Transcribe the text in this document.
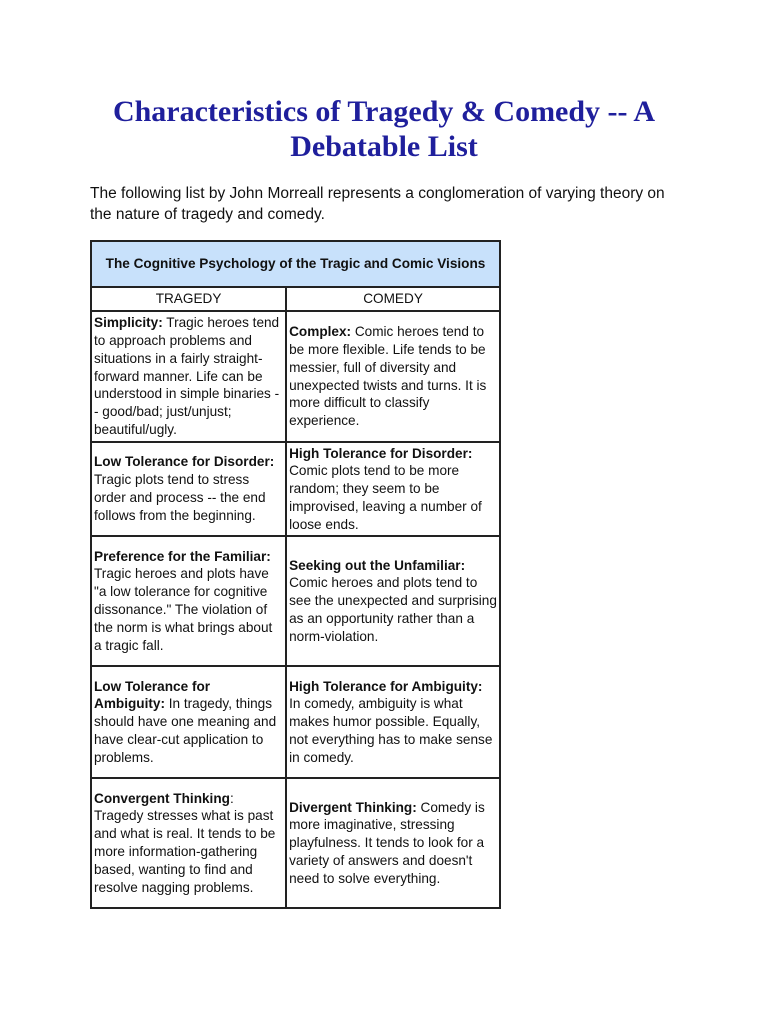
Characteristics of Tragedy & Comedy -- A Debatable List

The following list by John Morreall represents a conglomeration of varying theory on the nature of tragedy and comedy.

The Cognitive Psychology of the Tragic and Comic Visions	
TRAGEDY	COMEDY
Simplicity: Tragic heroes tend to approach problems and situations in a fairly straight-forward manner. Life can be understood in simple binaries -- good/bad; just/unjust; beautiful/ugly.	Complex: Comic heroes tend to be more flexible. Life tends to be messier, full of diversity and unexpected twists and turns. It is more difficult to classify experience.
Low Tolerance for Disorder: Tragic plots tend to stress order and process -- the end follows from the beginning.	High Tolerance for Disorder: Comic plots tend to be more random; they seem to be improvised, leaving a number of loose ends.
Preference for the Familiar: Tragic heroes and plots have "a low tolerance for cognitive dissonance." The violation of the norm is what brings about a tragic fall.	Seeking out the Unfamiliar: Comic heroes and plots tend to see the unexpected and surprising as an opportunity rather than a norm-violation.
Low Tolerance for Ambiguity: In tragedy, things should have one meaning and have clear-cut application to problems.	High Tolerance for Ambiguity: In comedy, ambiguity is what makes humor possible. Equally, not everything has to make sense in comedy.
Convergent Thinking: Tragedy stresses what is past and what is real. It tends to be more information-gathering based, wanting to find and resolve nagging problems.	Divergent Thinking: Comedy is more imaginative, stressing playfulness. It tends to look for a variety of answers and doesn't need to solve everything.
